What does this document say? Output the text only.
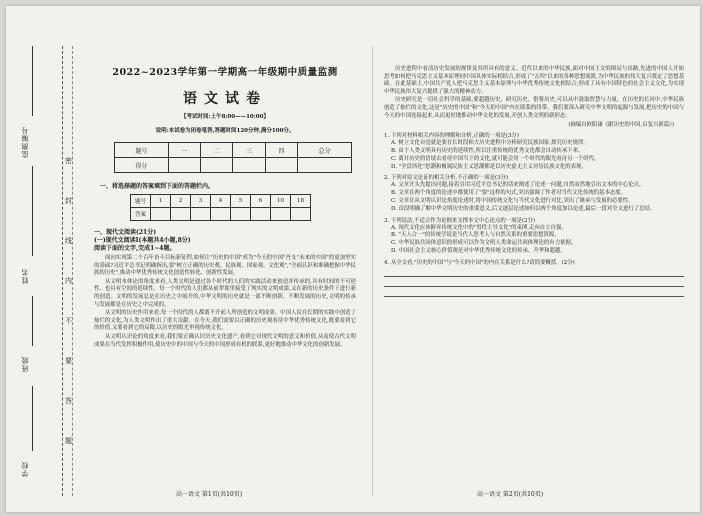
监测编号
姓名
班级
学校
密
封
线
内
不
要
答
题
2022~2023学年第一学期高一年级期中质量监测
语文试卷
【考试时间:上午8:00——10:00】
说明:本试卷为闭卷笔答,答题时间120分钟,满分100分。
题号	一	二	三	四	总分
得分					
一、将选择题的答案填到下面的答题栏内。
题号	1	2	3	4	5	6	10	18
答案								
一、现代文阅读(21分)
(一)现代文阅读Ⅰ(本题共4小题,8分)
阅读下面的文字,完成1~4题。

面向实现第二个百年奋斗目标新征程,如何让"历史的中国"成为"今天的中国"丹支"未来的中国"的更加坚实的基础?习近平总书记明确指出,要"树立正确的历史观、民族观、国家观、文化观","全面认识和准确把握中华民族的历史",推动中华优秀传统文化创造性转化、创新性发展。

从文明本体论的角度来看,人类文明是通过各个时代的人们的实践活动来创造并传承的,具有时间的不可逆性、也具有空间的延续性。每一个时代的人们都从前辈那里接受了现实的文明成果,又在新的历史条件下进行新的创造。文明的发展总是在历史之中展开的,中华文明的历史就是一部不断创新、不断发展的历史,文明的传承与发展都是在历史之中完成的。

从文明的历史作用来看,每一个时代的人都离不开前人所创造的文明成果。中国人民在长期的实践中创造了灿烂的文化,为人类文明作出了重大贡献。在今天,我们需要以正确的历史观看待中华优秀传统文化,既要看到它的价值,又要看到它的局限,以历史的眼光审视传统文化。

从文明认识论的角度来看,我们要正确认识历史文化遗产,看到它对现代文明的意义和价值,从而使古代文明成果在当代发挥积极作用,使历史中的中国与今天的中国形成有机的联系,更好地推动中华文化的创新发展。

历史进程中看清历史发展的规律及其所具有的意义。近代以来的中华民族,面对中国王文的困局与出路,先进的中国人开始思考如何把马克思主义基本原理同中国具体实际相结合,形成了"五四"以来的各种思想流派,为中华民族的伟大复兴奠定了思想基础。在此基础上,中国共产党人把马克思主义基本原理与中华优秀传统文化相结合,形成了具有中国特色的社会主义文化,为实现中华民族伟大复兴提供了强大的精神动力。

历史研究是一切社会科学的基础,要超越历史、研究历史、借鉴历史,可以从中汲取智慧与力量。在历史的长河中,中华民族创造了灿烂的文化,这是"历史的中国"和"今天的中国"内在联系的纽带。我们要深入研究中华文明的起源与发展,把历史的中国与今天的中国连接起来,从而更好地推动中华文化的发展,开创人类文明的新形态。

(摘编自欧阳康《跟历史的中国,启复兴新篇》)
1. 下列对材料相关内容的理解和分析,正确的一项是(3分)
A. 树立文化自觉就是要在长时段和大历史进程中分析研究民族国家,探究历史规律。
B. 由于人类文明具有历史的延续性,所以注重传统的优秀文化都会自动传承下来。
C. 离开历史的语境去看待中国当下的文化,就可能会用一个时代的眼光看待另一个时代。
D. "全盘西化"思潮和极端民族主义思潮都是以历史虚无主义对待民族文化的表现。
2. 下列对原文论证的相关分析,不正确的一项是(3分)
A. 文章开头先提出问题,接着引用习近平总书记的话来阐述了论述一问题,自然而然地引出文本的中心论点。
B. 文章在两个角度的论述中都使用了"要"这样的句式,突出强调了作者对当代文化传统的基本态度。
C. 文章在从文明认识论角度论述时,将中国传统文化与当代文化进行对比,突出了继承与发展的必要性。
D. 首段明确了解中华文明历史的重要意义,后文逐层论述如何以两个角度加以论述,最后一段对全文进行了总结。
3. 下列说法,不适合作为论据来支撑本文中心论点的一项是(2分)
A. 现代文化应该摒弃传统文化中的"男性主导文化"的束缚,走向自立自强。
B. "天人合一"的传统学说是当代人思考人与自然关系的重要思想资源。
C. 中华民族共同体意识的形成可以作为文明人类命运共同体理论的有力依据。
D. 中国社会主义核心价值观是对中华优秀传统文化的传承、升华和超越。
4. 从全文看,"历史的中国"与"今天的中国"的内在关系是什么?请简要概括。(2分)
高一语文 第1页(共10页)	高一语文 第2页(共10页)
